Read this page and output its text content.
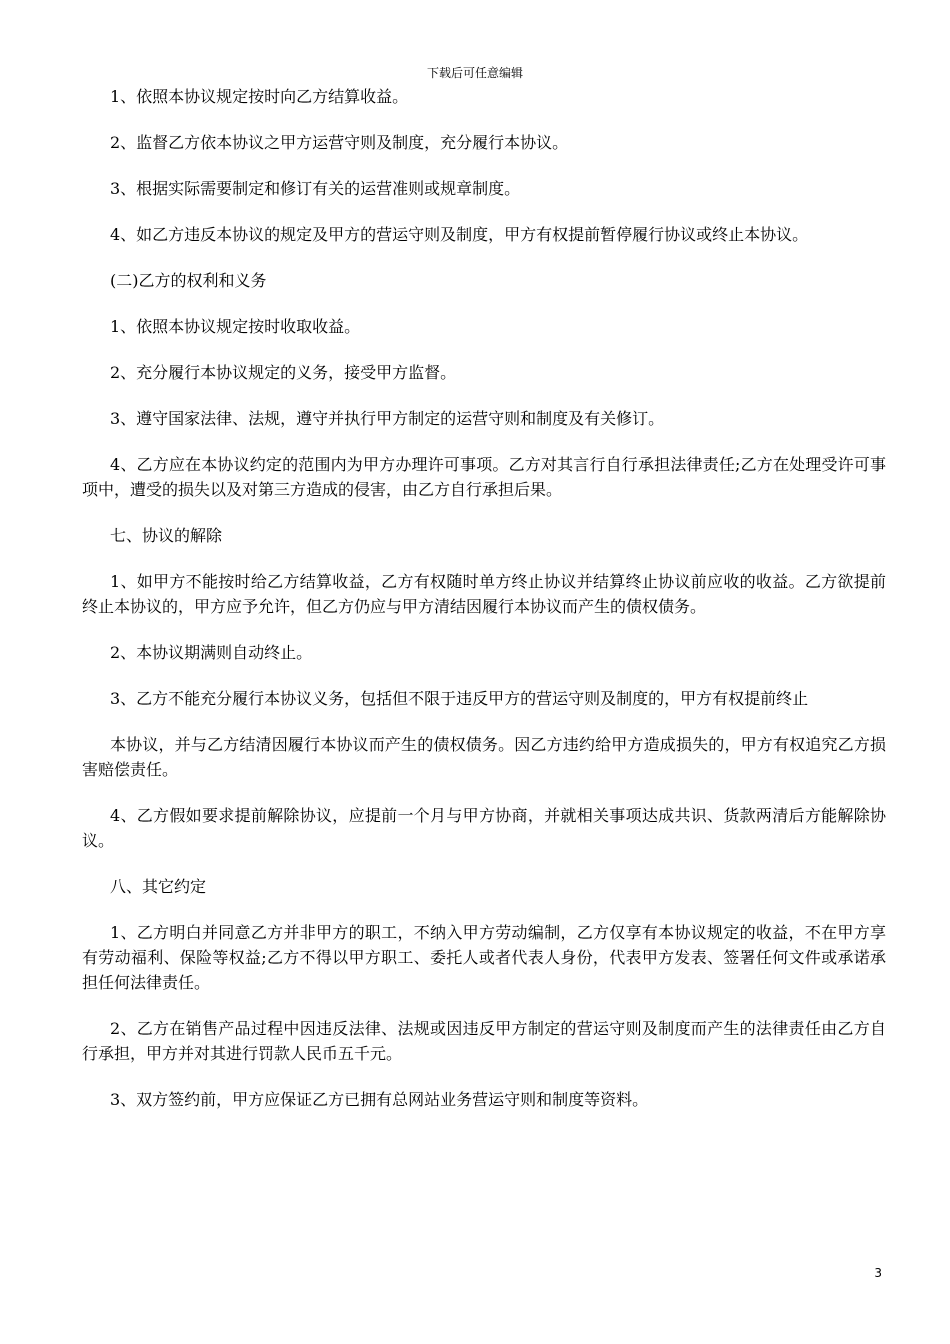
下载后可任意编辑

1、依照本协议规定按时向乙方结算收益。

2、监督乙方依本协议之甲方运营守则及制度，充分履行本协议。

3、根据实际需要制定和修订有关的运营准则或规章制度。

4、如乙方违反本协议的规定及甲方的营运守则及制度，甲方有权提前暂停履行协议或终止本协议。

(二)乙方的权利和义务

1、依照本协议规定按时收取收益。

2、充分履行本协议规定的义务，接受甲方监督。

3、遵守国家法律、法规，遵守并执行甲方制定的运营守则和制度及有关修订。

4、乙方应在本协议约定的范围内为甲方办理许可事项。乙方对其言行自行承担法律责任;乙方在处理受许可事项中，遭受的损失以及对第三方造成的侵害，由乙方自行承担后果。

七、协议的解除

1、如甲方不能按时给乙方结算收益，乙方有权随时单方终止协议并结算终止协议前应收的收益。乙方欲提前终止本协议的，甲方应予允许，但乙方仍应与甲方清结因履行本协议而产生的债权债务。

2、本协议期满则自动终止。

3、乙方不能充分履行本协议义务，包括但不限于违反甲方的营运守则及制度的，甲方有权提前终止

本协议，并与乙方结清因履行本协议而产生的债权债务。因乙方违约给甲方造成损失的，甲方有权追究乙方损害赔偿责任。

4、乙方假如要求提前解除协议，应提前一个月与甲方协商，并就相关事项达成共识、货款两清后方能解除协议。

八、其它约定

1、乙方明白并同意乙方并非甲方的职工，不纳入甲方劳动编制，乙方仅享有本协议规定的收益，不在甲方享有劳动福利、保险等权益;乙方不得以甲方职工、委托人或者代表人身份，代表甲方发表、签署任何文件或承诺承担任何法律责任。

2、乙方在销售产品过程中因违反法律、法规或因违反甲方制定的营运守则及制度而产生的法律责任由乙方自行承担，甲方并对其进行罚款人民币五千元。

3、双方签约前，甲方应保证乙方已拥有总网站业务营运守则和制度等资料。

3
